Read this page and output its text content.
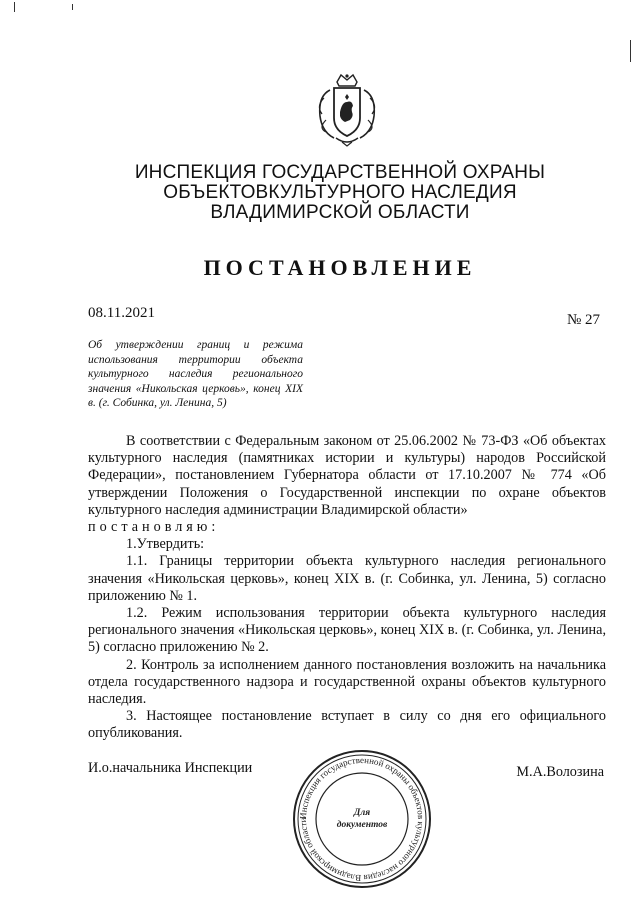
ИНСПЕКЦИЯ ГОСУДАРСТВЕННОЙ ОХРАНЫ
ОБЪЕКТОВКУЛЬТУРНОГО НАСЛЕДИЯ
ВЛАДИМИРСКОЙ ОБЛАСТИ
ПОСТАНОВЛЕНИЕ
08.11.2021	№ 27
Об утверждении границ и режима использования территории объекта культурного наследия регионального значения «Никольская церковь», конец XIX в. (г. Собинка, ул. Ленина, 5)

В соответствии с Федеральным законом от 25.06.2002 № 73-ФЗ «Об объектах культурного наследия (памятниках истории и культуры) народов Российской Федерации», постановлением Губернатора области от 17.10.2007 № 774 «Об утверждении Положения о Государственной инспекции по охране объектов культурного наследия администрации Владимирской области»

постановляю:

1.Утвердить:

1.1. Границы территории объекта культурного наследия регионального значения «Никольская церковь», конец XIX в. (г. Собинка, ул. Ленина, 5) согласно приложению № 1.

1.2. Режим использования территории объекта культурного наследия регионального значения «Никольская церковь», конец XIX в. (г. Собинка, ул. Ленина, 5) согласно приложению № 2.

2. Контроль за исполнением данного постановления возложить на начальника отдела государственного надзора и государственной охраны объектов культурного наследия.

3. Настоящее постановление вступает в силу со дня его официального опубликования.

И.о.начальника Инспекции	М.А.Волозина
Инспекция государственной охраны объектов культурного наследия Владимирской области
Для
документов
